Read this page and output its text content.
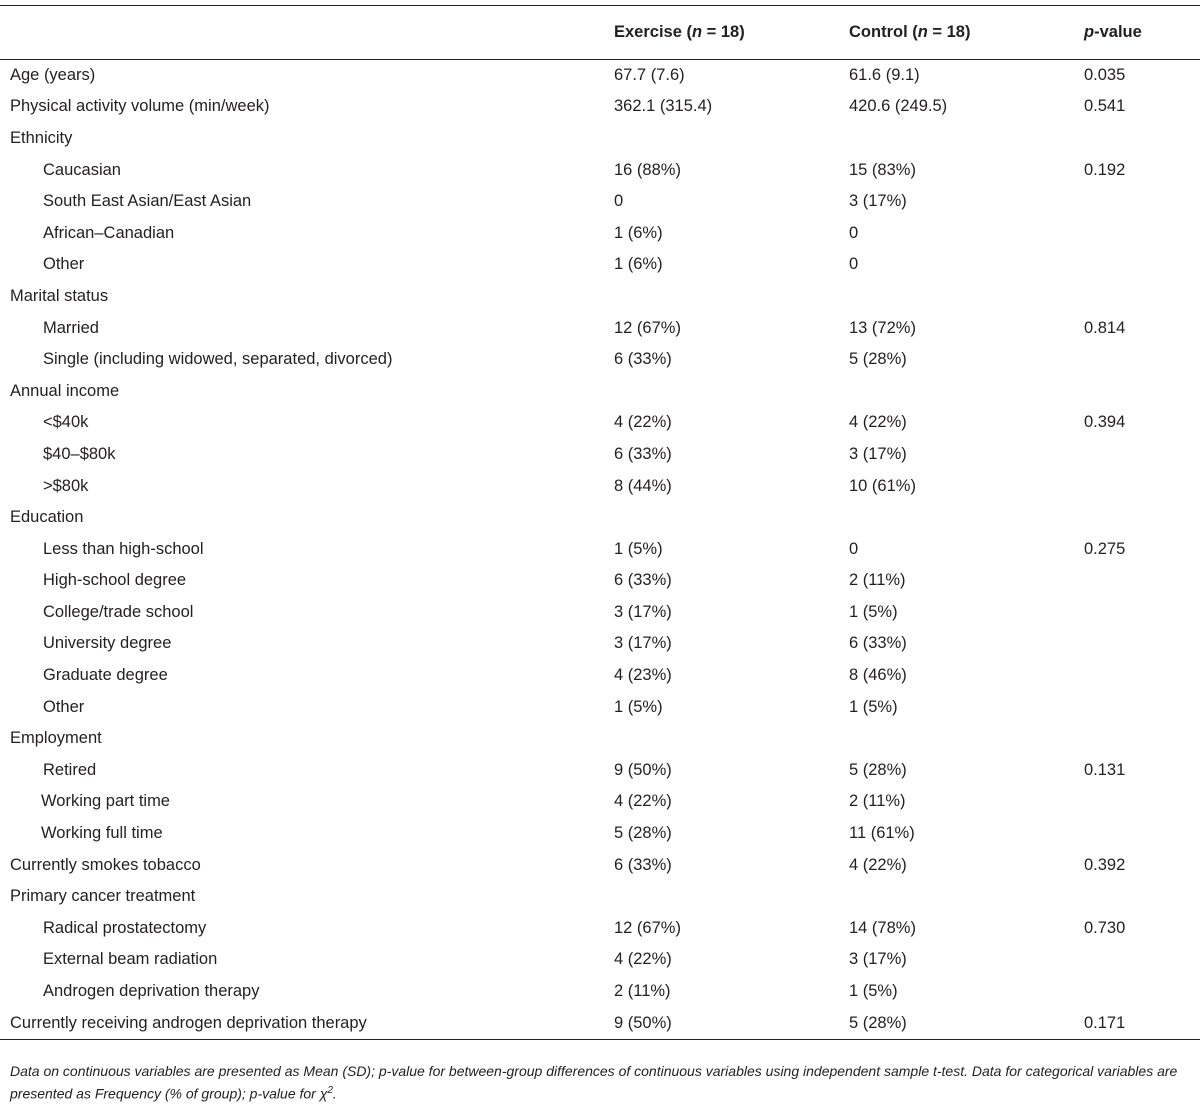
	Exercise (n = 18)	Control (n = 18)	p-value
Age (years)	67.7 (7.6)	61.6 (9.1)	0.035
Physical activity volume (min/week)	362.1 (315.4)	420.6 (249.5)	0.541
Ethnicity			
Caucasian	16 (88%)	15 (83%)	0.192
South East Asian/East Asian	0	3 (17%)	
African–Canadian	1 (6%)	0	
Other	1 (6%)	0	
Marital status			
Married	12 (67%)	13 (72%)	0.814
Single (including widowed, separated, divorced)	6 (33%)	5 (28%)	
Annual income			
<$40k	4 (22%)	4 (22%)	0.394
$40–$80k	6 (33%)	3 (17%)	
>$80k	8 (44%)	10 (61%)	
Education			
Less than high-school	1 (5%)	0	0.275
High-school degree	6 (33%)	2 (11%)	
College/trade school	3 (17%)	1 (5%)	
University degree	3 (17%)	6 (33%)	
Graduate degree	4 (23%)	8 (46%)	
Other	1 (5%)	1 (5%)	
Employment			
Retired	9 (50%)	5 (28%)	0.131
Working part time	4 (22%)	2 (11%)	
Working full time	5 (28%)	11 (61%)	
Currently smokes tobacco	6 (33%)	4 (22%)	0.392
Primary cancer treatment			
Radical prostatectomy	12 (67%)	14 (78%)	0.730
External beam radiation	4 (22%)	3 (17%)	
Androgen deprivation therapy	2 (11%)	1 (5%)	
Currently receiving androgen deprivation therapy	9 (50%)	5 (28%)	0.171
Data on continuous variables are presented as Mean (SD); p-value for between-group differences of continuous variables using independent sample t-test. Data for categorical variables are presented as Frequency (% of group); p-value for $\chi^2$.
